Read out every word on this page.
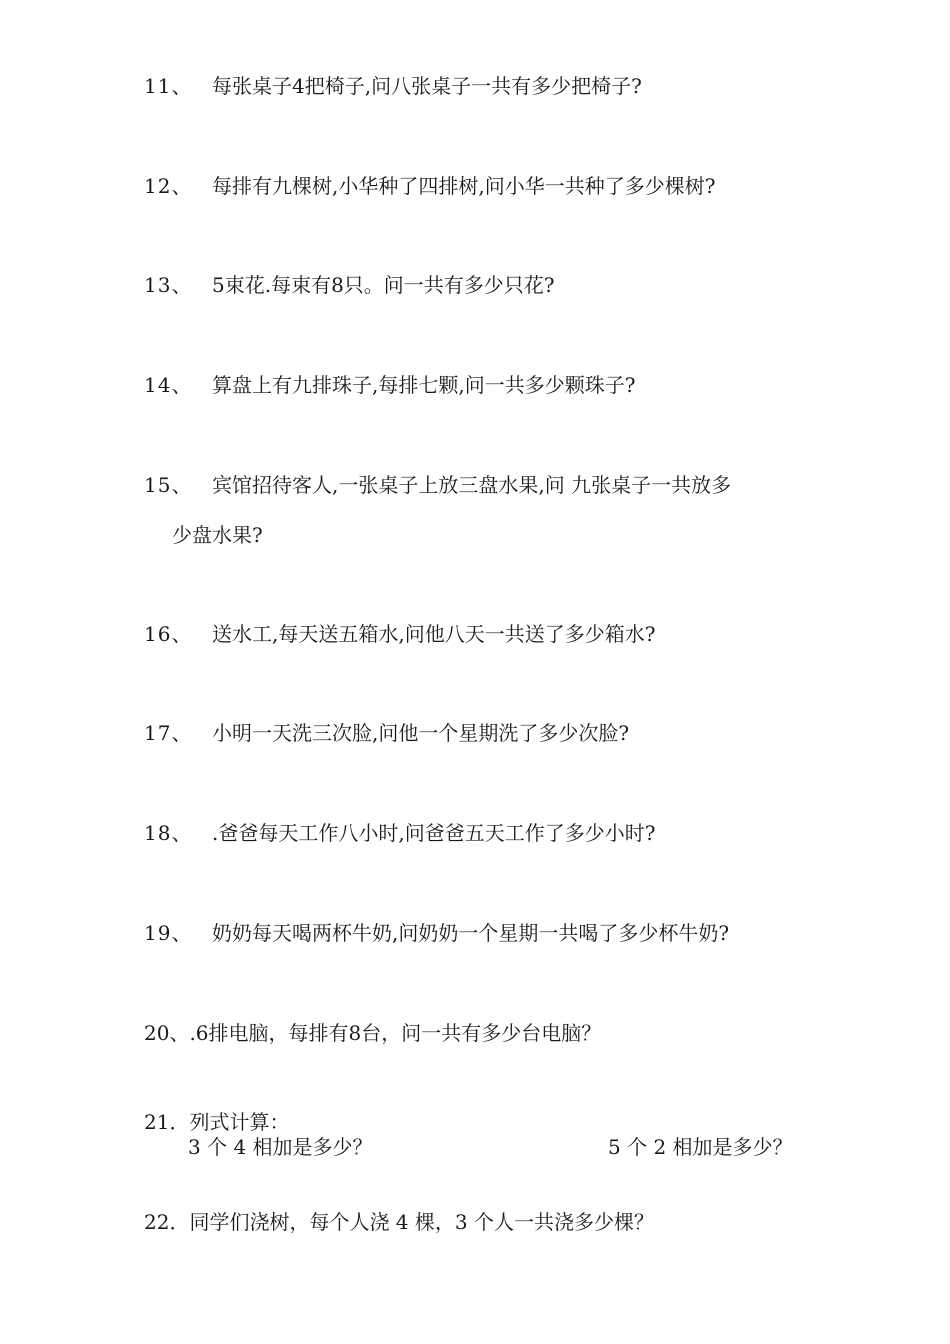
11、 每张桌子4把椅子,问八张桌子一共有多少把椅子?
12、 每排有九棵树,小华种了四排树,问小华一共种了多少棵树?
13、 5束花.每束有8只。问一共有多少只花?
14、 算盘上有九排珠子,每排七颗,问一共多少颗珠子?
15、 宾馆招待客人,一张桌子上放三盘水果,问 九张桌子一共放多
少盘水果?
16、 送水工,每天送五箱水,问他八天一共送了多少箱水?
17、 小明一天洗三次脸,问他一个星期洗了多少次脸?
18、 .爸爸每天工作八小时,问爸爸五天工作了多少小时?
19、 奶奶每天喝两杯牛奶,问奶奶一个星期一共喝了多少杯牛奶?
20、.6排电脑，每排有8台，问一共有多少台电脑？
21．列式计算：
3 个 4 相加是多少？	5 个 2 相加是多少？
22．同学们浇树，每个人浇 4 棵，3 个人一共浇多少棵？
